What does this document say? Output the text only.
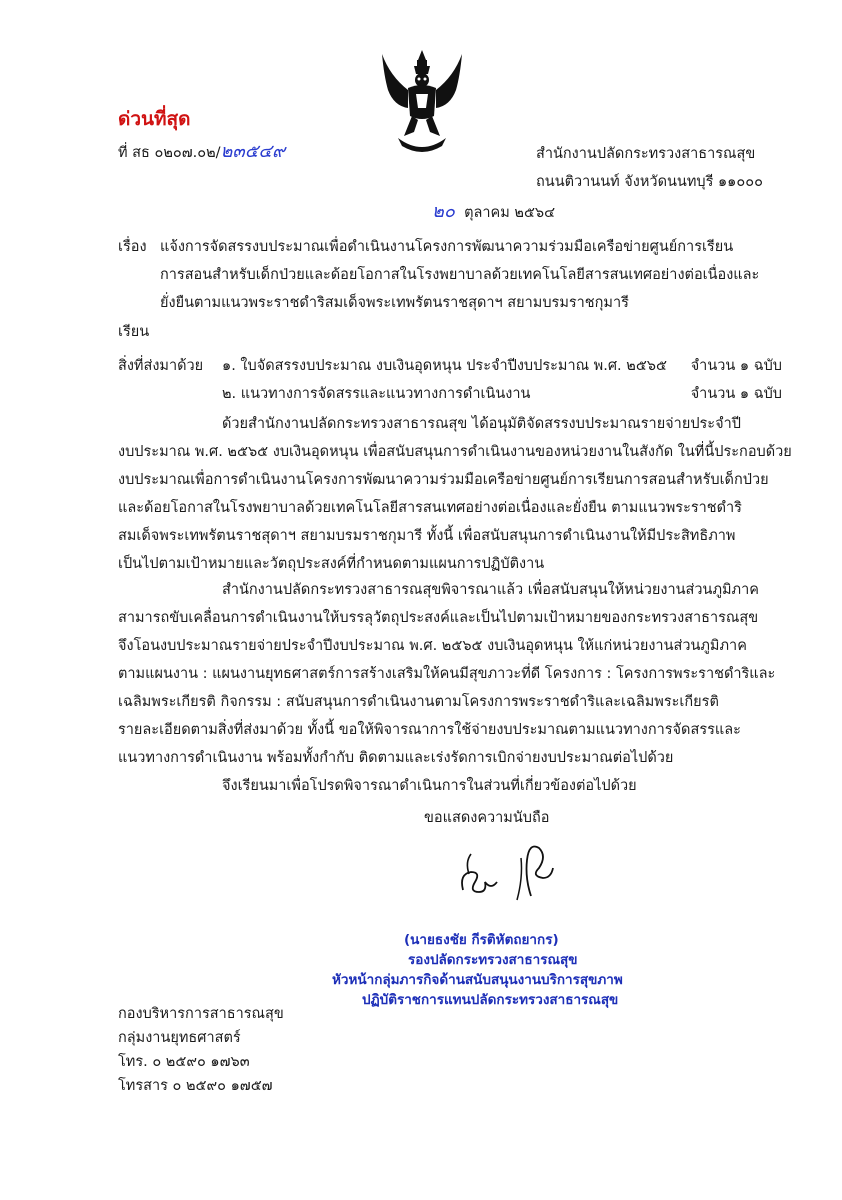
ด่วนที่สุด
ที่ สธ ๐๒๐๗.๐๒/๒๓๕๔๙	สำนักงานปลัดกระทรวงสาธารณสุข
ถนนติวานนท์ จังหวัดนนทบุรี ๑๑๐๐๐
๒๐ ตุลาคม ๒๕๖๔
เรื่อง แจ้งการจัดสรรงบประมาณเพื่อดำเนินงานโครงการพัฒนาความร่วมมือเครือข่ายศูนย์การเรียน
การสอนสำหรับเด็กป่วยและด้อยโอกาสในโรงพยาบาลด้วยเทคโนโลยีสารสนเทศอย่างต่อเนื่องและ
ยั่งยืนตามแนวพระราชดำริสมเด็จพระเทพรัตนราชสุดาฯ สยามบรมราชกุมารี
เรียน
สิ่งที่ส่งมาด้วย ๑. ใบจัดสรรงบประมาณ งบเงินอุดหนุน ประจำปีงบประมาณ พ.ศ. ๒๕๖๕	จำนวน ๑ ฉบับ
๒. แนวทางการจัดสรรและแนวทางการดำเนินงาน	จำนวน ๑ ฉบับ
ด้วยสำนักงานปลัดกระทรวงสาธารณสุข ได้อนุมัติจัดสรรงบประมาณรายจ่ายประจำปี
งบประมาณ พ.ศ. ๒๕๖๕ งบเงินอุดหนุน เพื่อสนับสนุนการดำเนินงานของหน่วยงานในสังกัด ในที่นี้ประกอบด้วย
งบประมาณเพื่อการดำเนินงานโครงการพัฒนาความร่วมมือเครือข่ายศูนย์การเรียนการสอนสำหรับเด็กป่วย
และด้อยโอกาสในโรงพยาบาลด้วยเทคโนโลยีสารสนเทศอย่างต่อเนื่องและยั่งยืน ตามแนวพระราชดำริ
สมเด็จพระเทพรัตนราชสุดาฯ สยามบรมราชกุมารี ทั้งนี้ เพื่อสนับสนุนการดำเนินงานให้มีประสิทธิภาพ
เป็นไปตามเป้าหมายและวัตถุประสงค์ที่กำหนดตามแผนการปฏิบัติงาน
สำนักงานปลัดกระทรวงสาธารณสุขพิจารณาแล้ว เพื่อสนับสนุนให้หน่วยงานส่วนภูมิภาค
สามารถขับเคลื่อนการดำเนินงานให้บรรลุวัตถุประสงค์และเป็นไปตามเป้าหมายของกระทรวงสาธารณสุข
จึงโอนงบประมาณรายจ่ายประจำปีงบประมาณ พ.ศ. ๒๕๖๕ งบเงินอุดหนุน ให้แก่หน่วยงานส่วนภูมิภาค
ตามแผนงาน : แผนงานยุทธศาสตร์การสร้างเสริมให้คนมีสุขภาวะที่ดี โครงการ : โครงการพระราชดำริและ
เฉลิมพระเกียรติ กิจกรรม : สนับสนุนการดำเนินงานตามโครงการพระราชดำริและเฉลิมพระเกียรติ
รายละเอียดตามสิ่งที่ส่งมาด้วย ทั้งนี้ ขอให้พิจารณาการใช้จ่ายงบประมาณตามแนวทางการจัดสรรและ
แนวทางการดำเนินงาน พร้อมทั้งกำกับ ติดตามและเร่งรัดการเบิกจ่ายงบประมาณต่อไปด้วย
จึงเรียนมาเพื่อโปรดพิจารณาดำเนินการในส่วนที่เกี่ยวข้องต่อไปด้วย
ขอแสดงความนับถือ
(นายธงชัย กีรติหัตถยากร)
รองปลัดกระทรวงสาธารณสุข
หัวหน้ากลุ่มภารกิจด้านสนับสนุนงานบริการสุขภาพ
ปฏิบัติราชการแทนปลัดกระทรวงสาธารณสุข
กองบริหารการสาธารณสุข
กลุ่มงานยุทธศาสตร์
โทร. ๐ ๒๕๙๐ ๑๗๖๓
โทรสาร ๐ ๒๕๙๐ ๑๗๕๗
